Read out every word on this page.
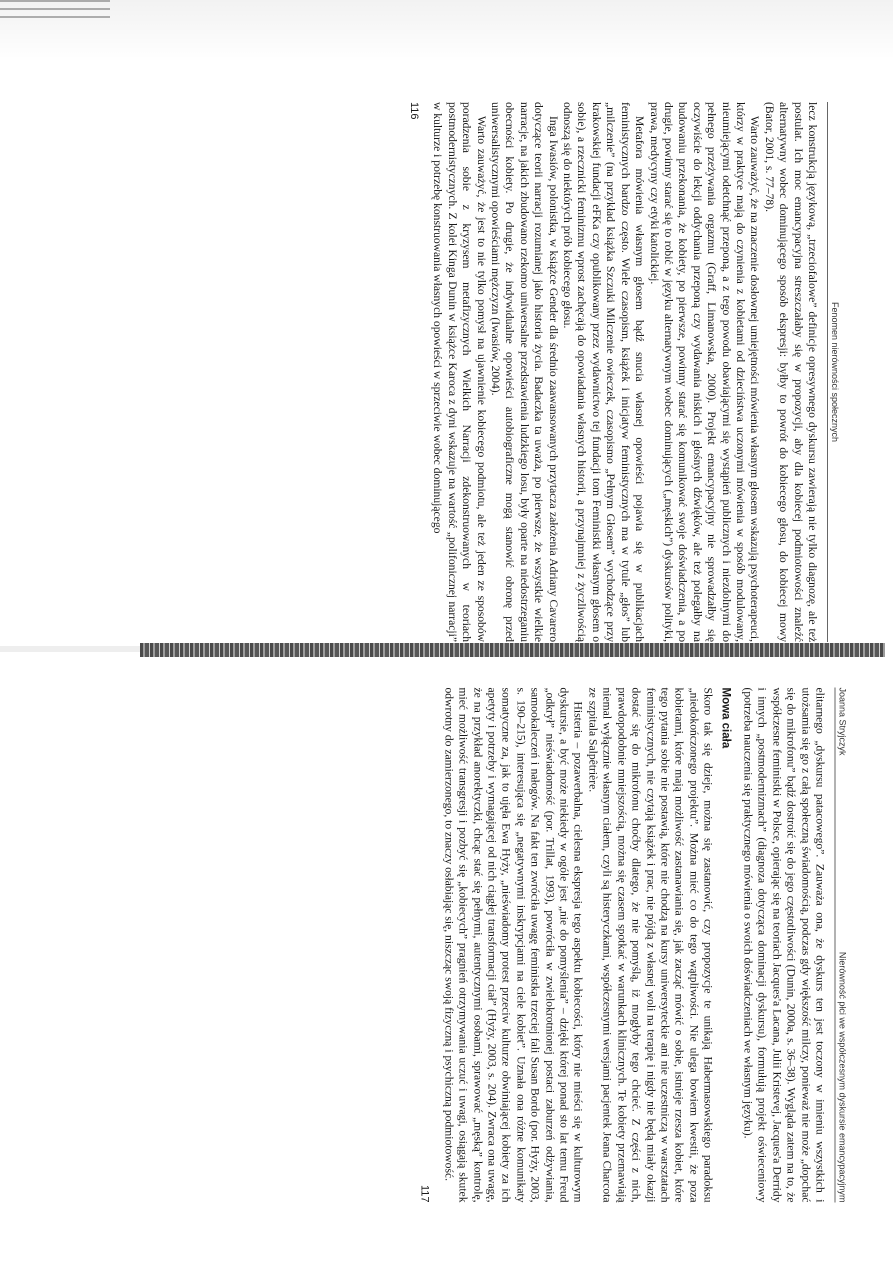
Fenomen nierówności społecznych

lecz konstrukcją językową, „trzeciofalowe” definicje opresywnego dyskursu zawierają nie tylko diagnozę, ale też postulat. Ich moc emancypacyjna streszczałaby się w propozycji, aby dla kobiecej podmiotowości znaleźć alternatywny wobec dominującego sposób ekspresji: byłby to powrót do kobiecego głosu, do kobiecej mowy (Bator, 2001, s. 77–78).

Warto zauważyć, że na znaczenie dosłownej umiejętności mówienia własnym głosem wskazują psychoterapeuci, którzy w praktyce mają do czynienia z kobietami od dzieciństwa uczonymi mówienia w sposób modulowany, nieumiejącymi odetchnąć przeponą, a z tego powodu obawiającymi się wystąpień publicznych i niezdolnymi do pełnego przeżywania orgazmu (Graff, Limanowska, 2000). Projekt emancypacyjny nie sprowadzałby się oczywiście do lekcji oddychania przeponą czy wydawania niskich i głośnych dźwięków, ale też polegałby na budowaniu przekonania, że kobiety, po pierwsze, powinny starać się komunikować swoje doświadczenia, a po drugie, powinny starać się to robić w języku alternatywnym wobec dominujących („męskich”) dyskursów polityki, prawa, medycyny czy etyki katolickiej.

Metafora mówienia własnym głosem bądź snucia własnej opowieści pojawia się w publikacjach feministycznych bardzo często. Wiele czasopism, książek i inicjatyw feministycznych ma w tytule „głos” lub „milczenie” (na przykład książka Szczuki Milczenie owieczek, czasopismo „Pełnym Głosem” wychodzące przy krakowskiej fundacji eFKa czy opublikowany przez wydawnictwo tej fundacji tom Feministki własnym głosem o sobie), a rzecznicki feminizmu wprost zachęcają do opowiadania własnych historii, a przynajmniej z życzliwością odnoszą się do niektórych prób kobiecego głosu.

Inga Iwasiów, polonistka, w książce Gender dla średnio zaawansowanych przytacza założenia Adriany Cavarero dotyczące teorii narracji rozumianej jako historia życia. Badaczka ta uważa, po pierwsze, że wszystkie wielkie narracje, na jakich zbudowano rzekomo uniwersalne przedstawienia ludzkiego losu, były oparte na niedostrzeganiu obecności kobiety. Po drugie, że indywidualne opowieści autobiograficzne mogą stanowić obronę przed uniwersalistycznymi opowieściami mężczyzn (Iwasiów, 2004).

Warto zauważyć, że jest to nie tylko pomysł na ujawnienie kobiecego podmiotu, ale też jeden ze sposobów poradzenia sobie z kryzysem metafizycznych Wielkich Narracji zdekonstruowanych w teoriach postmodernistycznych. Z kolei Kinga Dunin w książce Karoca z dyni wskazuje na wartość „polifonicznej narracji” w kulturze i potrzebę konstruowania własnych opowieści w sprzeciwie wobec dominującego

116
Joanna Stryjczyk
Nierówność płci we współczesnym dyskursie emancypacyjnym

elitarnego „dyskursu patacowego”. Zauważa ona, że dyskurs ten jest toczony w imieniu wszystkich i utożsamia się go z całą społeczną świadomością, podczas gdy większość milczy, ponieważ nie może „dopchać się do mikrofonu” bądź dostroić się do jego częstotliwości (Dunin, 2000a, s. 36–38). Wygląda zatem na to, że współczesne feministki w Polsce, opierając się na teoriach Jacques'a Lacana, Julii Kristevej, Jacques'a Derridy i innych „postmodernizmach” (diagnoza dotycząca dominacji dyskursu), formułują projekt oświeceniowy (potrzeba nauczenia się praktycznego mówienia o swoich doświadczeniach we własnym języku).

Mowa ciała

Skoro tak się dzieje, można się zastanowić, czy propozycje te unikają Habermasowskiego paradoksu „niedokończonego projektu”. Można mieć co do tego wątpliwości. Nie ulega bowiem kwestii, że poza kobietami, które mają możliwość zastanawiania się, jak zacząć mówić o sobie, istnieje rzesza kobiet, które tego pytania sobie nie postawią, które nie chodzą na kursy uniwersyteckie ani nie uczestniczą w warsztatach feministycznych, nie czytają książek i prac, nie pójdą z własnej woli na terapię i nigdy nie będą miały okazji dostać się do mikrofonu choćby dlatego, że nie pomyślą, iż mogłyby tego chcieć. Z części z nich, prawdopodobnie mniejszością, można się czasem spotkać w warunkach klinicznych. Te kobiety przemawiają niemal wyłącznie własnym ciałem, czyli są histeryczkami, współczesnymi wersjami pacjentek Jeana Charcota ze szpitala Salpêtrière.

Histeria – pozawerbalna, cielesna ekspresja tego aspektu kobiecości, który nie mieści się w kulturowym dyskursie, a być może niekiedy w ogóle jest „nie do pomyślenia” – dzięki której ponad sto lat temu Freud „odkrył” nieświadomość (por. Trillat, 1993), powróciła w zwielokrotnionej postaci zaburzeń odżywiania, samookaleczeń i nałogów. Na fakt ten zwróciła uwagę feministka trzeciej fali Susan Bordo (por. Hyży, 2003, s. 190–215), interesująca się „negatywnymi inskrypcjami na ciele kobiet”. Uznała ona różne komunikaty somatyczne za, jak to ujęła Ewa Hyży, „nieświadomy protest przeciw kulturze obwiniającej kobiety za ich apetyty i potrzeby i wymagającej od nich ciągłej transformacji ciał” (Hyży, 2003, s. 204). Zwraca ona uwagę, że na przykład anorektyczki, chcąc stać się pełnymi, autentycznymi osobami, sprawować „męską” kontrolę, mieć możliwość transgresji i pozbyć się „kobiecych” pragnień otrzymywania uczuć i uwagi, osiągają skutek odwrotny do zamierzonego, to znaczy osłabiając się, niszcząc swoją fizyczną i psychiczną podmiotowość.

117
